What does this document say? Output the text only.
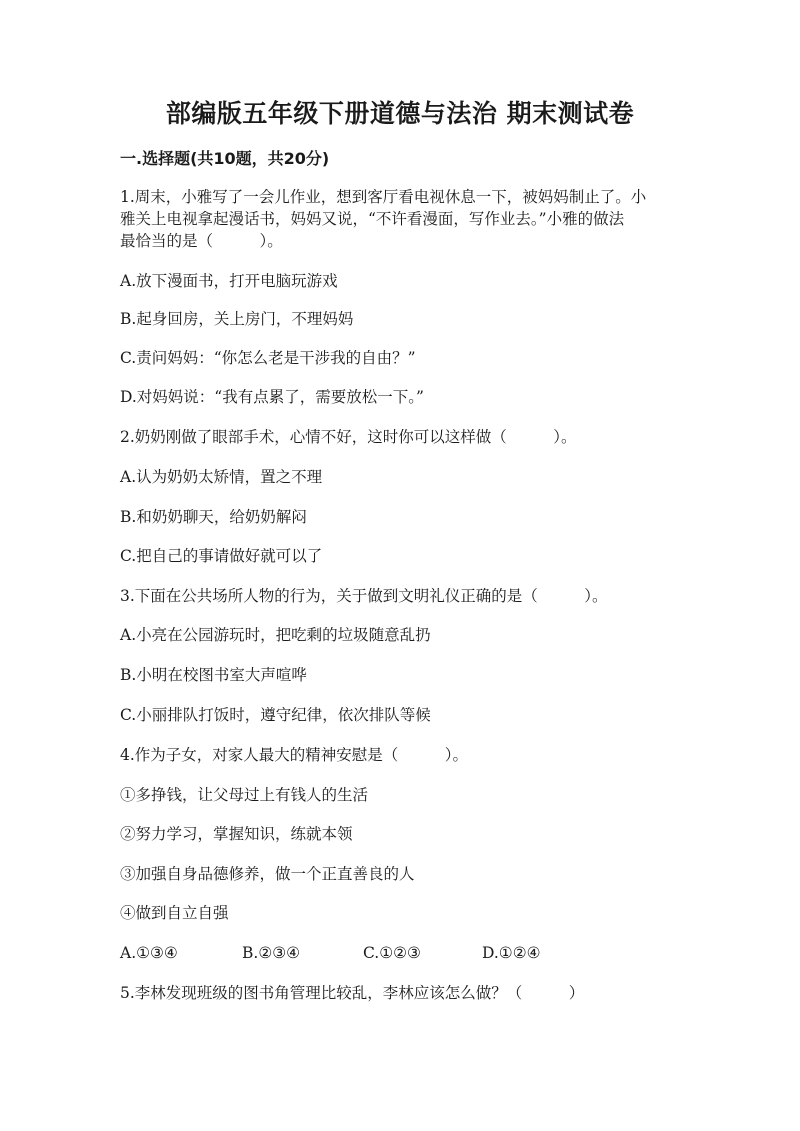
部编版五年级下册道德与法治 期末测试卷
一.选择题(共10题，共20分)
1.周末，小雅写了一会儿作业，想到客厅看电视休息一下，被妈妈制止了。小
雅关上电视拿起漫话书，妈妈又说，“不许看漫面，写作业去。”小雅的做法
最恰当的是（　　　）。
A.放下漫面书，打开电脑玩游戏
B.起身回房，关上房门，不理妈妈
C.责问妈妈：“你怎么老是干涉我的自由？”
D.对妈妈说：“我有点累了，需要放松一下。”
2.奶奶刚做了眼部手术，心情不好，这时你可以这样做（　　　）。
A.认为奶奶太矫情，置之不理
B.和奶奶聊天，给奶奶解闷
C.把自己的事请做好就可以了
3.下面在公共场所人物的行为，关于做到文明礼仪正确的是（　　　）。
A.小亮在公园游玩时，把吃剩的垃圾随意乱扔
B.小明在校图书室大声喧哗
C.小丽排队打饭时，遵守纪律，依次排队等候
4.作为子女，对家人最大的精神安慰是（　　　）。
①多挣钱，让父母过上有钱人的生活
②努力学习，掌握知识，练就本领
③加强自身品德修养，做一个正直善良的人
④做到自立自强
A.①③④	B.②③④	C.①②③	D.①②④
5.李林发现班级的图书角管理比较乱，李林应该怎么做？（　　　）
